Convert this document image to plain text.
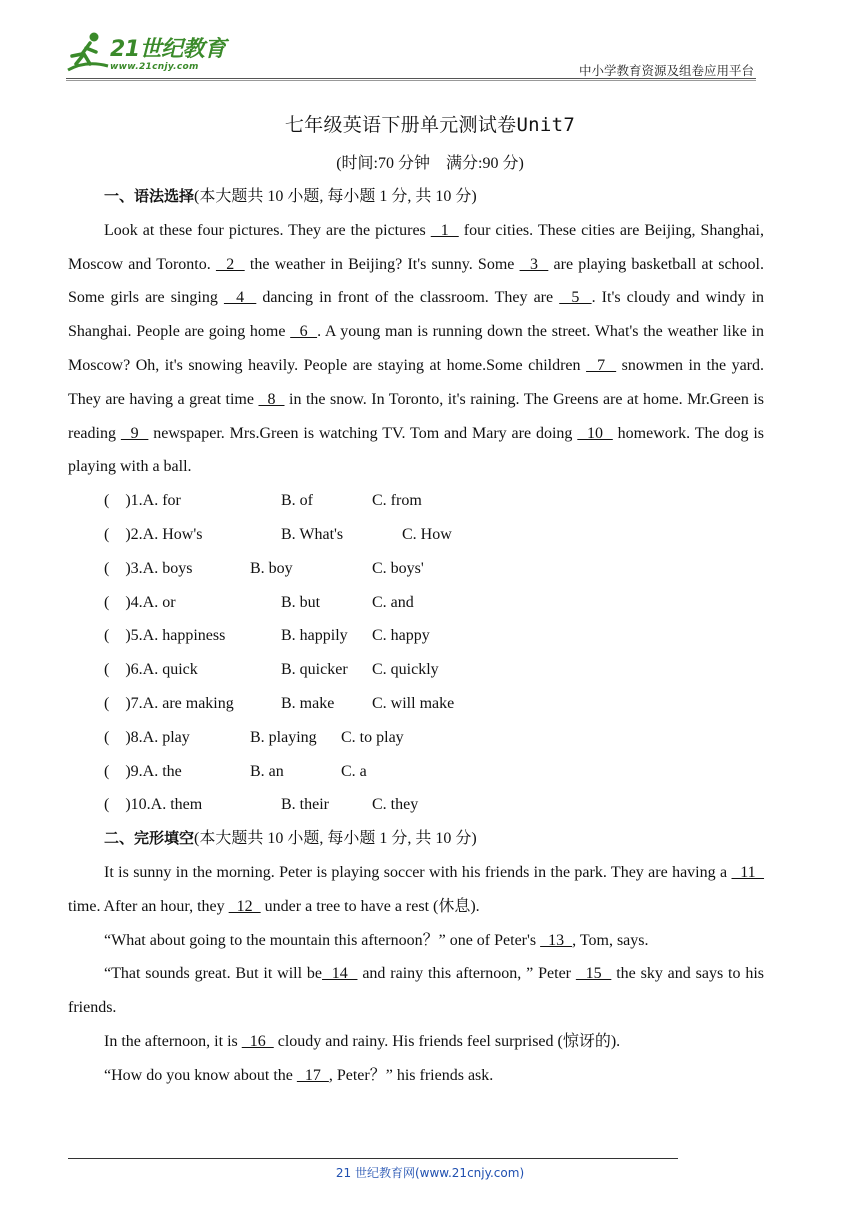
21世纪教育
www.21cnjy.com	中小学教育资源及组卷应用平台
七年级英语下册单元测试卷Unit7
(时间:70 分钟　满分:90 分)
一、语法选择(本大题共 10 小题, 每小题 1 分, 共 10 分)

Look at these four pictures. They are the pictures   1   four cities. These cities are Beijing, Shanghai, Moscow and Toronto.   2   the weather in Beijing? It's sunny. Some   3   are playing basketball at school. Some girls are singing   4   dancing in front of the classroom. They are   5  . It's cloudy and windy in Shanghai. People are going home   6  . A young man is running down the street. What's the weather like in Moscow? Oh, it's snowing heavily. People are staying at home.Some children   7   snowmen in the yard. They are having a great time   8   in the snow. In Toronto, it's raining. The Greens are at home. Mr.Green is reading   9   newspaper. Mrs.Green is watching TV. Tom and Mary are doing   10   homework. The dog is playing with a ball.

(　)1.A. for	B. of	C. from
(　)2.A. How's	B. What's	C. How
(　)3.A. boys	B. boy	C. boys'
(　)4.A. or	B. but	C. and
(　)5.A. happiness	B. happily C. happy
(　)6.A. quick	B. quicker C. quickly
(　)7.A. are making	B. make C. will make
(　)8.A. play	B. playing C. to play
(　)9.A. the	B. an	C. a
(　)10.A. them	B. their	C. they
二、完形填空(本大题共 10 小题, 每小题 1 分, 共 10 分)

It is sunny in the morning. Peter is playing soccer with his friends in the park. They are having a   11   time. After an hour, they   12   under a tree to have a rest (休息).

“What about going to the mountain this afternoon？” one of Peter's   13  , Tom, says.

“That sounds great. But it will be  14   and rainy this afternoon, ” Peter   15   the sky and says to his friends.

In the afternoon, it is   16   cloudy and rainy. His friends feel surprised (惊讶的).

“How do you know about the   17  , Peter？” his friends ask.

21 世纪教育网(www.21cnjy.com)
